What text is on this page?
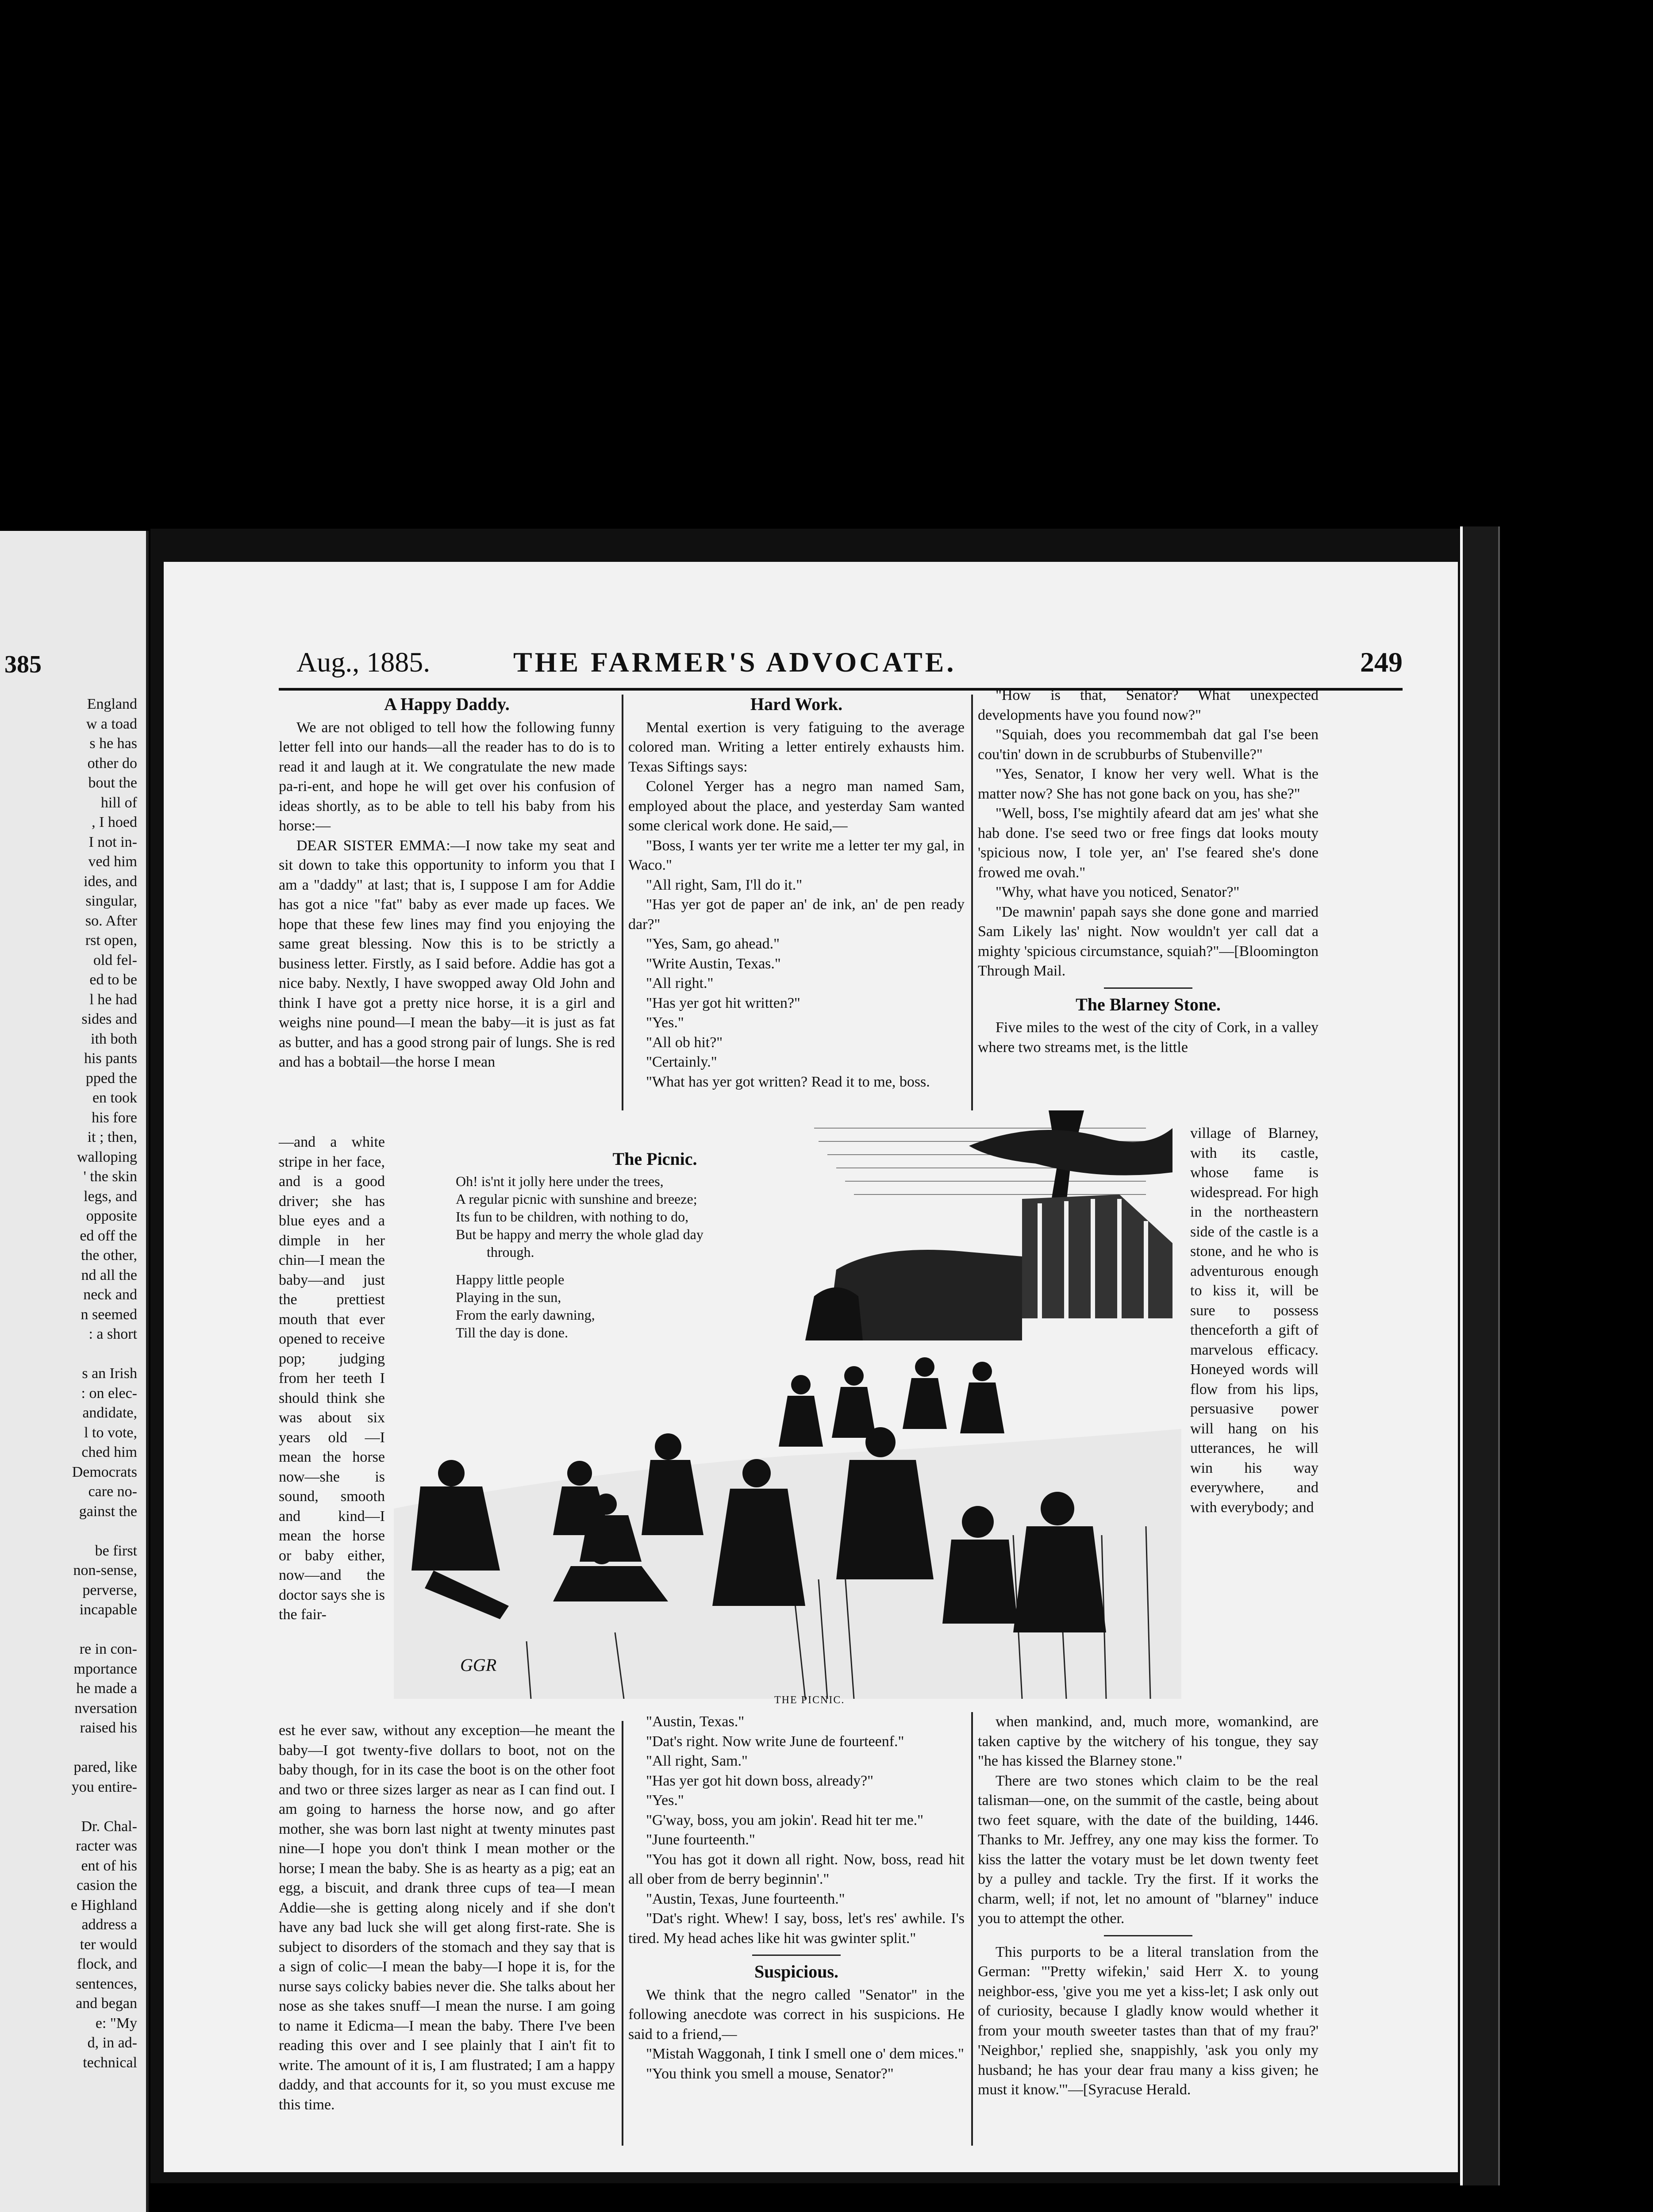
385
England
w a toad
s he has
other do
bout the
hill of
, I hoed
I not in-
ved him
ides, and
singular,
so. After
rst open,
old fel-
ed to be
l he had
sides and
ith both
his pants
pped the
en took
his fore
it ; then,
walloping
' the skin
legs, and
opposite
ed off the
the other,
nd all the
neck and
n seemed
: a short
s an Irish
: on elec-
andidate,
l to vote,
ched him
Democrats
care no-
gainst the
be first
non-sense,
perverse,
incapable
re in con-
mportance
he made a
nversation
raised his
pared, like
you entire-
Dr. Chal-
racter was
ent of his
casion the
e Highland
address a
ter would
flock, and
sentences,
and began
e: "My
d, in ad-
technical
Aug., 1885.	THE FARMER'S ADVOCATE.	249
A Happy Daddy.

We are not obliged to tell how the following funny letter fell into our hands—all the reader has to do is to read it and laugh at it. We congratulate the new made pa-ri-ent, and hope he will get over his confusion of ideas shortly, as to be able to tell his baby from his horse:—

DEAR SISTER EMMA:—I now take my seat and sit down to take this opportunity to inform you that I am a "daddy" at last; that is, I suppose I am for Addie has got a nice "fat" baby as ever made up faces. We hope that these few lines may find you enjoying the same great blessing. Now this is to be strictly a business letter. Firstly, as I said before. Addie has got a nice baby. Nextly, I have swopped away Old John and think I have got a pretty nice horse, it is a girl and weighs nine pound—I mean the baby—it is just as fat as butter, and has a good strong pair of lungs. She is red and has a bobtail—the horse I mean

—and a white stripe in her face, and is a good driver; she has blue eyes and a dimple in her chin—I mean the baby—and just the prettiest mouth that ever opened to receive pop; judging from her teeth I should think she was about six years old —I mean the horse now—she is sound, smooth and kind—I mean the horse or baby either, now—and the doctor says she is the fair-

est he ever saw, without any exception—he meant the baby—I got twenty-five dollars to boot, not on the baby though, for in its case the boot is on the other foot and two or three sizes larger as near as I can find out. I am going to harness the horse now, and go after mother, she was born last night at twenty minutes past nine—I hope you don't think I mean mother or the horse; I mean the baby. She is as hearty as a pig; eat an egg, a biscuit, and drank three cups of tea—I mean Addie—she is getting along nicely and if she don't have any bad luck she will get along first-rate. She is subject to disorders of the stomach and they say that is a sign of colic—I mean the baby—I hope it is, for the nurse says colicky babies never die. She talks about her nose as she takes snuff—I mean the nurse. I am going to name it Edicma—I mean the baby. There I've been reading this over and I see plainly that I ain't fit to write. The amount of it is, I am flustrated; I am a happy daddy, and that accounts for it, so you must excuse me this time.

Hard Work.

Mental exertion is very fatiguing to the average colored man. Writing a letter entirely exhausts him. Texas Siftings says:

Colonel Yerger has a negro man named Sam, employed about the place, and yesterday Sam wanted some clerical work done. He said,—

"Boss, I wants yer ter write me a letter ter my gal, in Waco."

"All right, Sam, I'll do it."

"Has yer got de paper an' de ink, an' de pen ready dar?"

"Yes, Sam, go ahead."

"Write Austin, Texas."

"All right."

"Has yer got hit written?"

"Yes."

"All ob hit?"

"Certainly."

"What has yer got written? Read it to me, boss.

"Austin, Texas."

"Dat's right. Now write June de fourteenf."

"All right, Sam."

"Has yer got hit down boss, already?"

"Yes."

"G'way, boss, you am jokin'. Read hit ter me."

"June fourteenth."

"You has got it down all right. Now, boss, read hit all ober from de berry beginnin'."

"Austin, Texas, June fourteenth."

"Dat's right. Whew! I say, boss, let's res' awhile. I's tired. My head aches like hit was gwinter split."

Suspicious.

We think that the negro called "Senator" in the following anecdote was correct in his suspicions. He said to a friend,—

"Mistah Waggonah, I tink I smell one o' dem mices."

"You think you smell a mouse, Senator?"

"How is that, Senator? What unexpected developments have you found now?"

"Squiah, does you recommembah dat gal I'se been cou'tin' down in de scrubburbs of Stubenville?"

"Yes, Senator, I know her very well. What is the matter now? She has not gone back on you, has she?"

"Well, boss, I'se mightily afeard dat am jes' what she hab done. I'se seed two or free fings dat looks mouty 'spicious now, I tole yer, an' I'se feared she's done frowed me ovah."

"Why, what have you noticed, Senator?"

"De mawnin' papah says she done gone and married Sam Likely las' night. Now wouldn't yer call dat a mighty 'spicious circumstance, squiah?"—[Bloomington Through Mail.

The Blarney Stone.

Five miles to the west of the city of Cork, in a valley where two streams met, is the little

village of Blarney, with its castle, whose fame is widespread. For high in the northeastern side of the castle is a stone, and he who is adventurous enough to kiss it, will be sure to possess thenceforth a gift of marvelous efficacy. Honeyed words will flow from his lips, persuasive power will hang on his utterances, he will win his way everywhere, and with everybody; and

when mankind, and, much more, womankind, are taken captive by the witchery of his tongue, they say "he has kissed the Blarney stone."

There are two stones which claim to be the real talisman—one, on the summit of the castle, being about two feet square, with the date of the building, 1446. Thanks to Mr. Jeffrey, any one may kiss the former. To kiss the latter the votary must be let down twenty feet by a pulley and tackle. Try the first. If it works the charm, well; if not, let no amount of "blarney" induce you to attempt the other.

This purports to be a literal translation from the German: "'Pretty wifekin,' said Herr X. to young neighbor-ess, 'give you me yet a kiss-let; I ask only out of curiosity, because I gladly know would whether it from your mouth sweeter tastes than that of my frau?' 'Neighbor,' replied she, snappishly, 'ask you only my husband; he has your dear frau many a kiss given; he must it know.'"—[Syracuse Herald.

The Picnic.
Oh! is'nt it jolly here under the trees,
A regular picnic with sunshine and breeze;
Its fun to be children, with nothing to do,
But be happy and merry the whole glad day
through.
Happy little people
Playing in the sun,
From the early dawning,
Till the day is done.
GGR
THE PICNIC.
